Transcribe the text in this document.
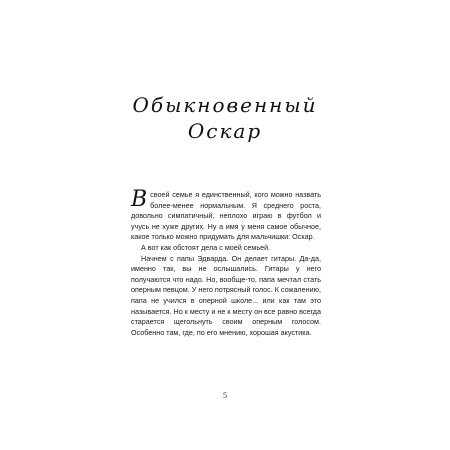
Обыкновенный
Оскар

Всвоей семье я единственный, кого можно назвать более-менее нормальным. Я среднего роста, довольно симпатичный, неплохо играю в футбол и учусь не хуже других. Ну а имя у меня самое обычное, какое только можно придумать для мальчишки: Оскар.

А вот как обстоят дела с моей семьей.

Начнем с папы Эдварда. Он делает гитары. Да-да, именно так, вы не ослышались. Гитары у него получаются что надо. Но, вообще-то, папа мечтал стать оперным певцом. У него потрясный голос. К сожалению, папа не учился в оперной школе... или как там это называется. Но к месту и не к месту он все равно всегда старается щегольнуть своим оперным голосом. Особенно там, где, по его мнению, хорошая акустика.

5
